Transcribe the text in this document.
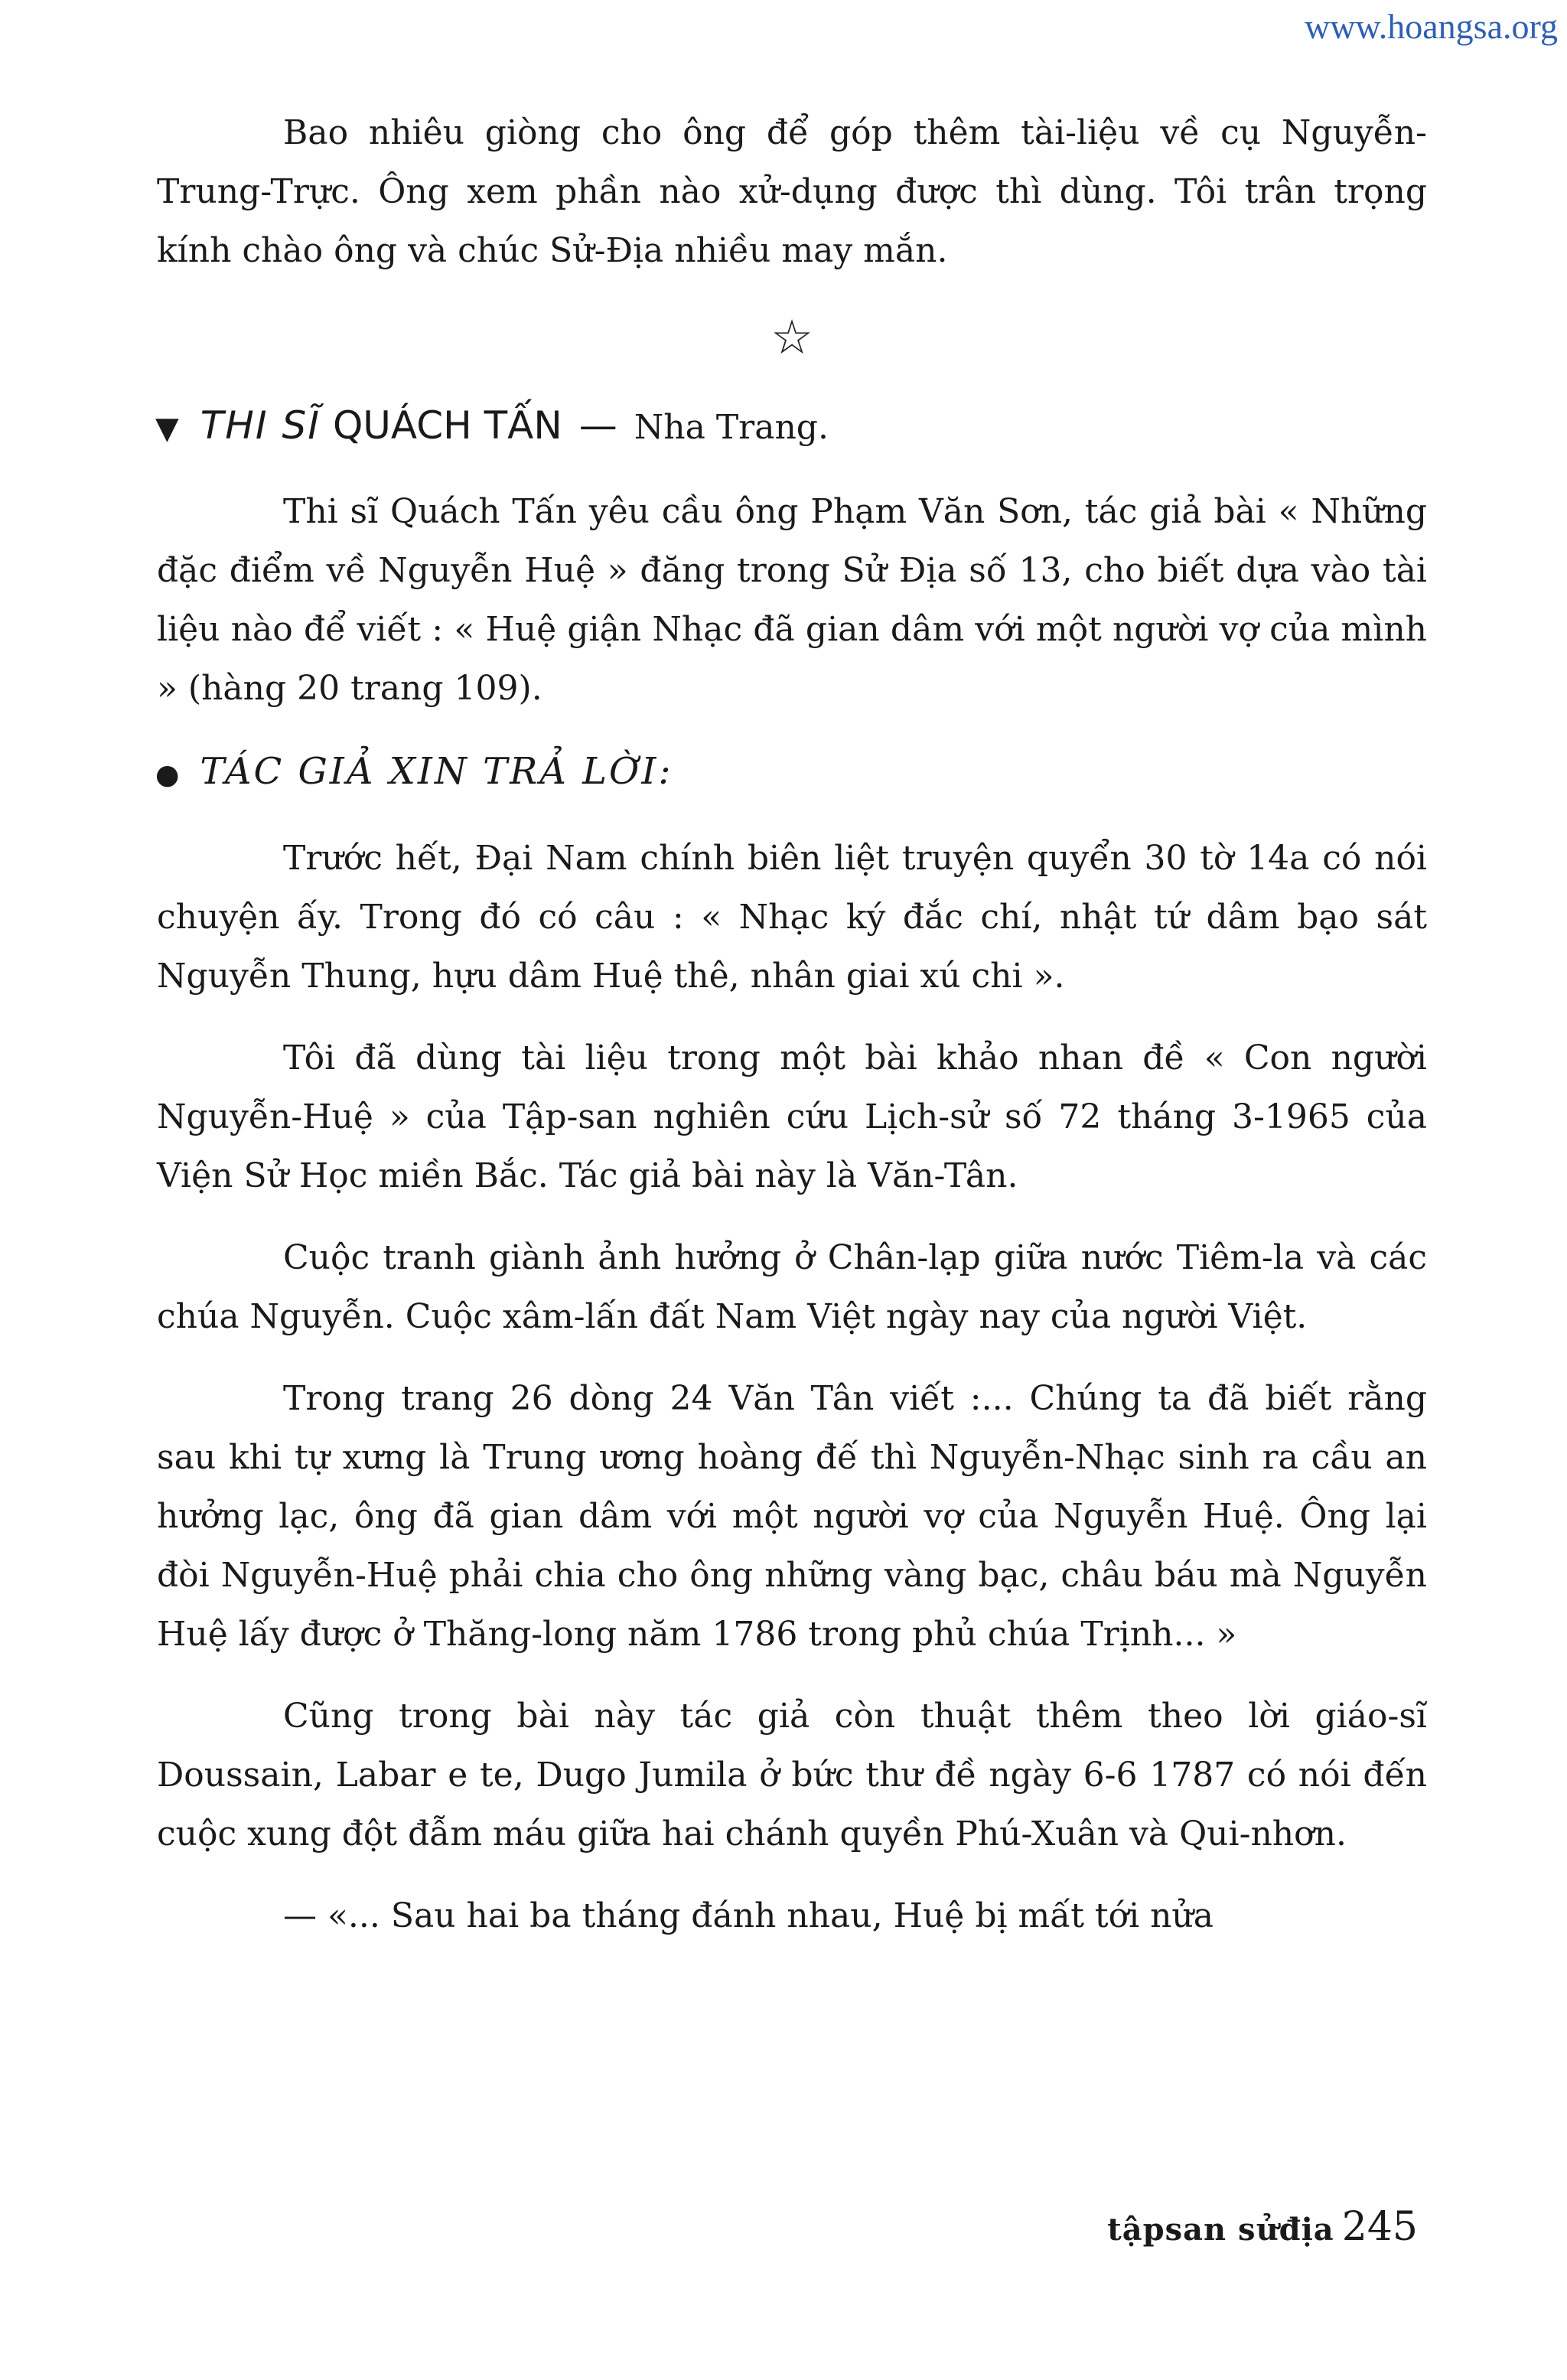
www.hoangsa.org

Bao nhiêu giòng cho ông để góp thêm tài-liệu về cụ Nguyễn-Trung-Trực. Ông xem phần nào xử-dụng được thì dùng. Tôi trân trọng kính chào ông và chúc Sử-Địa nhiều may mắn.

☆
▼ THI SĨ QUÁCH TẤN — Nha Trang.

Thi sĩ Quách Tấn yêu cầu ông Phạm Văn Sơn, tác giả bài « Những đặc điểm về Nguyễn Huệ » đăng trong Sử Địa số 13, cho biết dựa vào tài liệu nào để viết : « Huệ giận Nhạc đã gian dâm với một người vợ của mình » (hàng 20 trang 109).

● TÁC GIẢ XIN TRẢ LỜI:

Trước hết, Đại Nam chính biên liệt truyện quyển 30 tờ 14a có nói chuyện ấy. Trong đó có câu : « Nhạc ký đắc chí, nhật tứ dâm bạo sát Nguyễn Thung, hựu dâm Huệ thê, nhân giai xú chi ».

Tôi đã dùng tài liệu trong một bài khảo nhan đề « Con người Nguyễn-Huệ » của Tập-san nghiên cứu Lịch-sử số 72 tháng 3-1965 của Viện Sử Học miền Bắc. Tác giả bài này là Văn-Tân.

Cuộc tranh giành ảnh hưởng ở Chân-lạp giữa nước Tiêm-la và các chúa Nguyễn. Cuộc xâm-lấn đất Nam Việt ngày nay của người Việt.

Trong trang 26 dòng 24 Văn Tân viết :... Chúng ta đã biết rằng sau khi tự xưng là Trung ương hoàng đế thì Nguyễn-Nhạc sinh ra cầu an hưởng lạc, ông đã gian dâm với một người vợ của Nguyễn Huệ. Ông lại đòi Nguyễn-Huệ phải chia cho ông những vàng bạc, châu báu mà Nguyễn Huệ lấy được ở Thăng-long năm 1786 trong phủ chúa Trịnh... »

Cũng trong bài này tác giả còn thuật thêm theo lời giáo-sĩ Doussain, Labar e te, Dugo Jumila ở bức thư đề ngày 6-6 1787 có nói đến cuộc xung đột đẫm máu giữa hai chánh quyền Phú-Xuân và Qui-nhơn.

— «... Sau hai ba tháng đánh nhau, Huệ bị mất tới nửa

tậpsan sửđịa 245
